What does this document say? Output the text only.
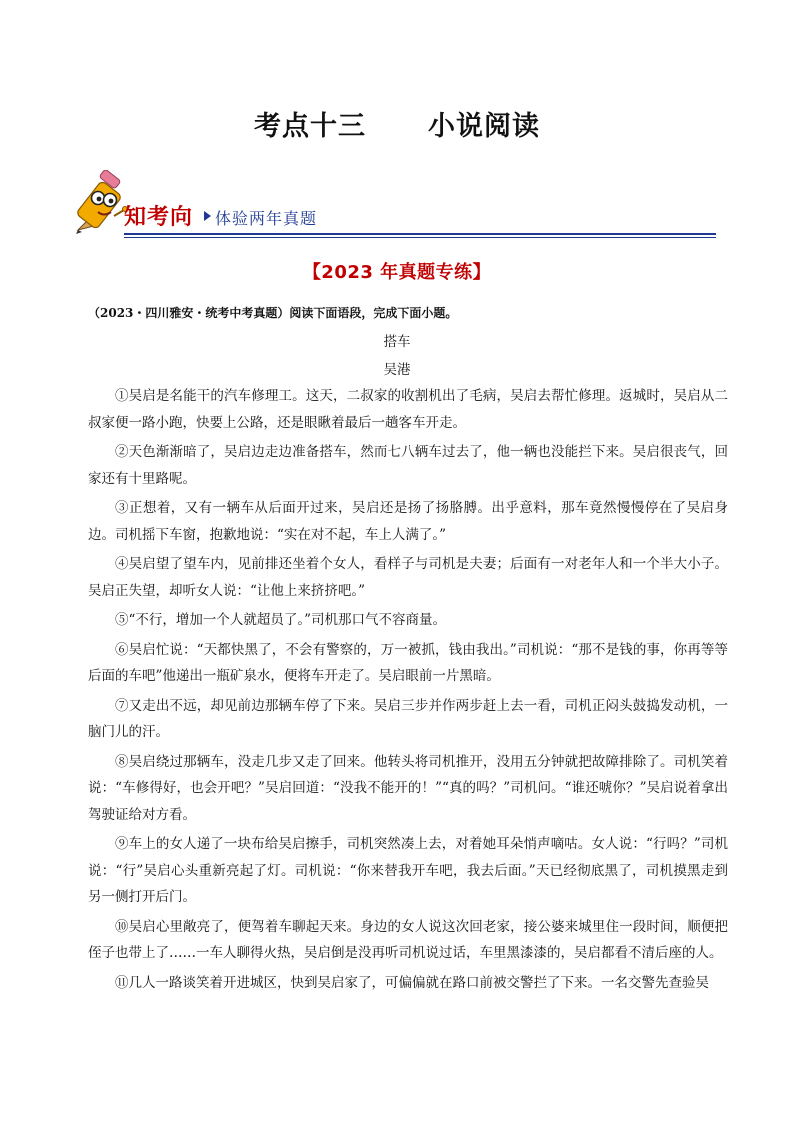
考点十三 小说阅读
知考向 体验两年真题
【2023 年真题专练】
（2023・四川雅安・统考中考真题）阅读下面语段，完成下面小题。
搭车
吴港

①吴启是名能干的汽车修理工。这天，二叔家的收割机出了毛病，吴启去帮忙修理。返城时，吴启从二叔家便一路小跑，快要上公路，还是眼瞅着最后一趟客车开走。

②天色渐渐暗了，吴启边走边准备搭车，然而七八辆车过去了，他一辆也没能拦下来。吴启很丧气，回家还有十里路呢。

③正想着，又有一辆车从后面开过来，吴启还是扬了扬胳膊。出乎意料，那车竟然慢慢停在了吴启身边。司机摇下车窗，抱歉地说：“实在对不起，车上人满了。”

④吴启望了望车内，见前排还坐着个女人，看样子与司机是夫妻；后面有一对老年人和一个半大小子。吴启正失望，却听女人说：“让他上来挤挤吧。”

⑤“不行，增加一个人就超员了。”司机那口气不容商量。

⑥吴启忙说：“天都快黑了，不会有警察的，万一被抓，钱由我出。”司机说：“那不是钱的事，你再等等后面的车吧”他递出一瓶矿泉水，便将车开走了。吴启眼前一片黑暗。

⑦又走出不远，却见前边那辆车停了下来。吴启三步并作两步赶上去一看，司机正闷头鼓捣发动机，一脑门儿的汗。

⑧吴启绕过那辆车，没走几步又走了回来。他转头将司机推开，没用五分钟就把故障排除了。司机笑着说：“车修得好，也会开吧？”吴启回道：“没我不能开的！”“真的吗？”司机问。“谁还唬你？”吴启说着拿出驾驶证给对方看。

⑨车上的女人递了一块布给吴启擦手，司机突然凑上去，对着她耳朵悄声嘀咕。女人说：“行吗？”司机说：“行”吴启心头重新亮起了灯。司机说：“你来替我开车吧，我去后面。”天已经彻底黑了，司机摸黑走到另一侧打开后门。

⑩吴启心里敞亮了，便驾着车聊起天来。身边的女人说这次回老家，接公婆来城里住一段时间，顺便把侄子也带上了……一车人聊得火热，吴启倒是没再听司机说过话，车里黑漆漆的，吴启都看不清后座的人。

⑪几人一路谈笑着开进城区，快到吴启家了，可偏偏就在路口前被交警拦了下来。一名交警先查验吴
